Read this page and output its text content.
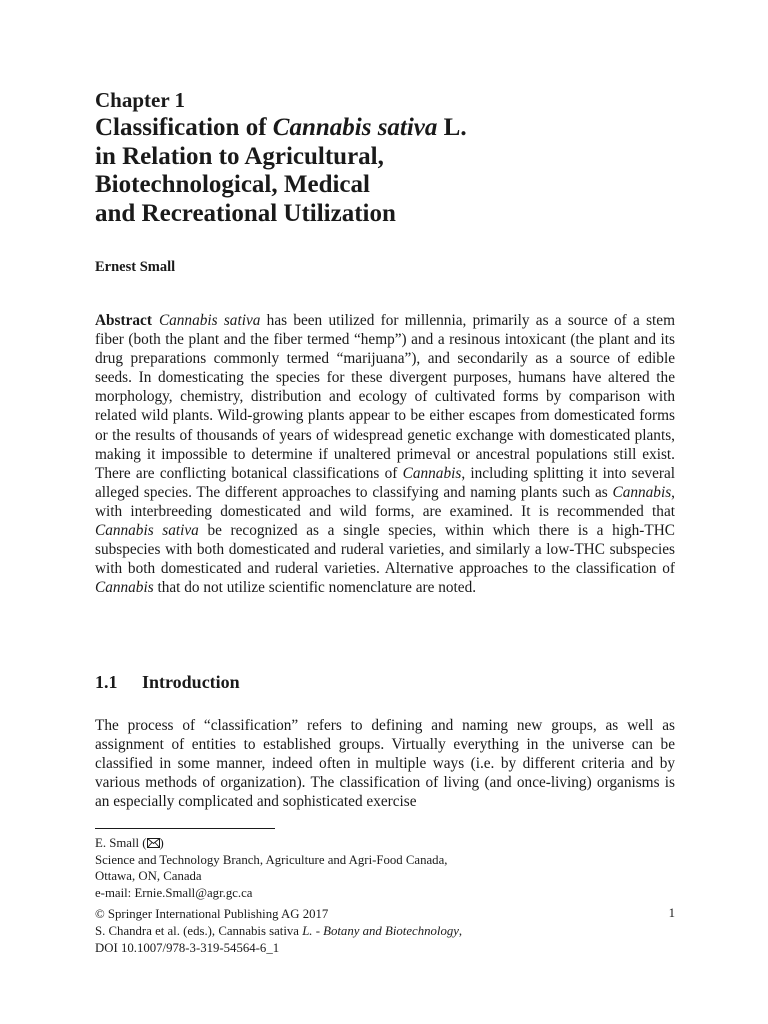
Chapter 1
Classification of Cannabis sativa L.
in Relation to Agricultural,
Biotechnological, Medical
and Recreational Utilization
Ernest Small
Abstract Cannabis sativa has been utilized for millennia, primarily as a source of a stem fiber (both the plant and the fiber termed “hemp”) and a resinous intoxicant (the plant and its drug preparations commonly termed “marijuana”), and secondarily as a source of edible seeds. In domesticating the species for these divergent purposes, humans have altered the morphology, chemistry, distribution and ecology of cultivated forms by comparison with related wild plants. Wild-growing plants appear to be either escapes from domesticated forms or the results of thousands of years of widespread genetic exchange with domesticated plants, making it impossible to determine if unaltered primeval or ancestral populations still exist. There are conflicting botanical classifications of Cannabis, including splitting it into several alleged species. The different approaches to classifying and naming plants such as Cannabis, with interbreeding domesticated and wild forms, are examined. It is recommended that Cannabis sativa be recognized as a single species, within which there is a high-THC subspecies with both domesticated and ruderal varieties, and similarly a low-THC subspecies with both domesticated and ruderal varieties. Alternative approaches to the classification of Cannabis that do not utilize scientific nomenclature are noted.
1.1 Introduction
The process of “classification” refers to defining and naming new groups, as well as assignment of entities to established groups. Virtually everything in the universe can be classified in some manner, indeed often in multiple ways (i.e. by different criteria and by various methods of organization). The classification of living (and once-living) organisms is an especially complicated and sophisticated exercise
E. Small ( )
Science and Technology Branch, Agriculture and Agri-Food Canada,
Ottawa, ON, Canada
e-mail: Ernie.Small@agr.gc.ca
© Springer International Publishing AG 2017
S. Chandra et al. (eds.), Cannabis sativa L. - Botany and Biotechnology,
DOI 10.1007/978-3-319-54564-6_1
1
